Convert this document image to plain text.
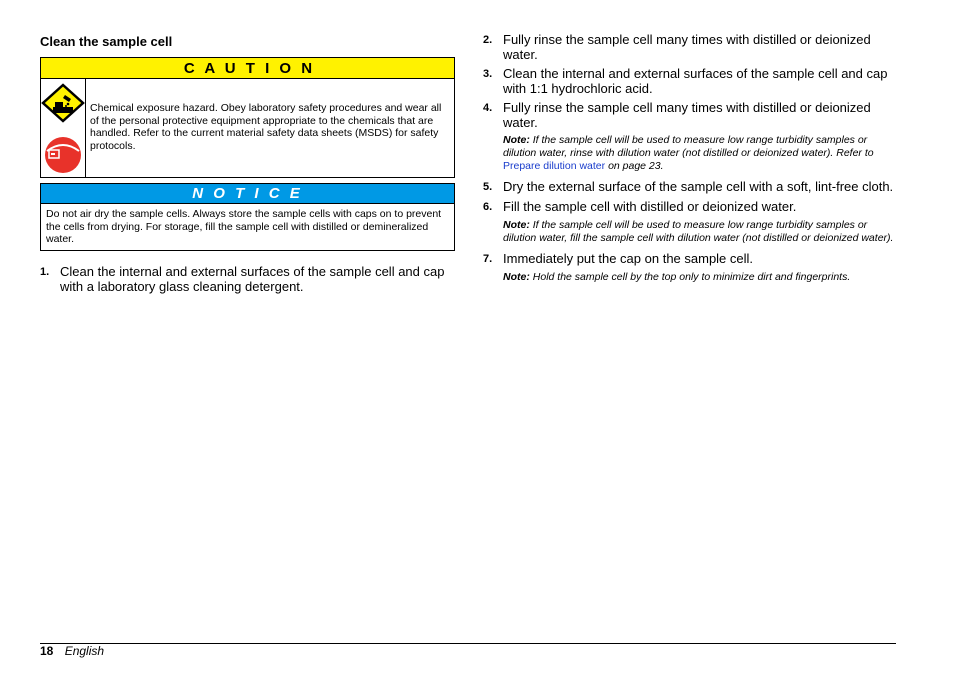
Clean the sample cell
C A U T I O N
Chemical exposure hazard. Obey laboratory safety procedures and wear all of the personal protective equipment appropriate to the chemicals that are handled. Refer to the current material safety data sheets (MSDS) for safety protocols.
N O T I C E
Do not air dry the sample cells. Always store the sample cells with caps on to prevent the cells from drying. For storage, fill the sample cell with distilled or demineralized water.
1. Clean the internal and external surfaces of the sample cell and cap with a laboratory glass cleaning detergent.
2. Fully rinse the sample cell many times with distilled or deionized water.
3. Clean the internal and external surfaces of the sample cell and cap with 1:1 hydrochloric acid.
4. Fully rinse the sample cell many times with distilled or deionized water.
Note: If the sample cell will be used to measure low range turbidity samples or dilution water, rinse with dilution water (not distilled or deionized water). Refer to Prepare dilution water on page 23.
5. Dry the external surface of the sample cell with a soft, lint-free cloth.
6. Fill the sample cell with distilled or deionized water.
Note: If the sample cell will be used to measure low range turbidity samples or dilution water, fill the sample cell with dilution water (not distilled or deionized water).
7. Immediately put the cap on the sample cell.
Note: Hold the sample cell by the top only to minimize dirt and fingerprints.
18 English
